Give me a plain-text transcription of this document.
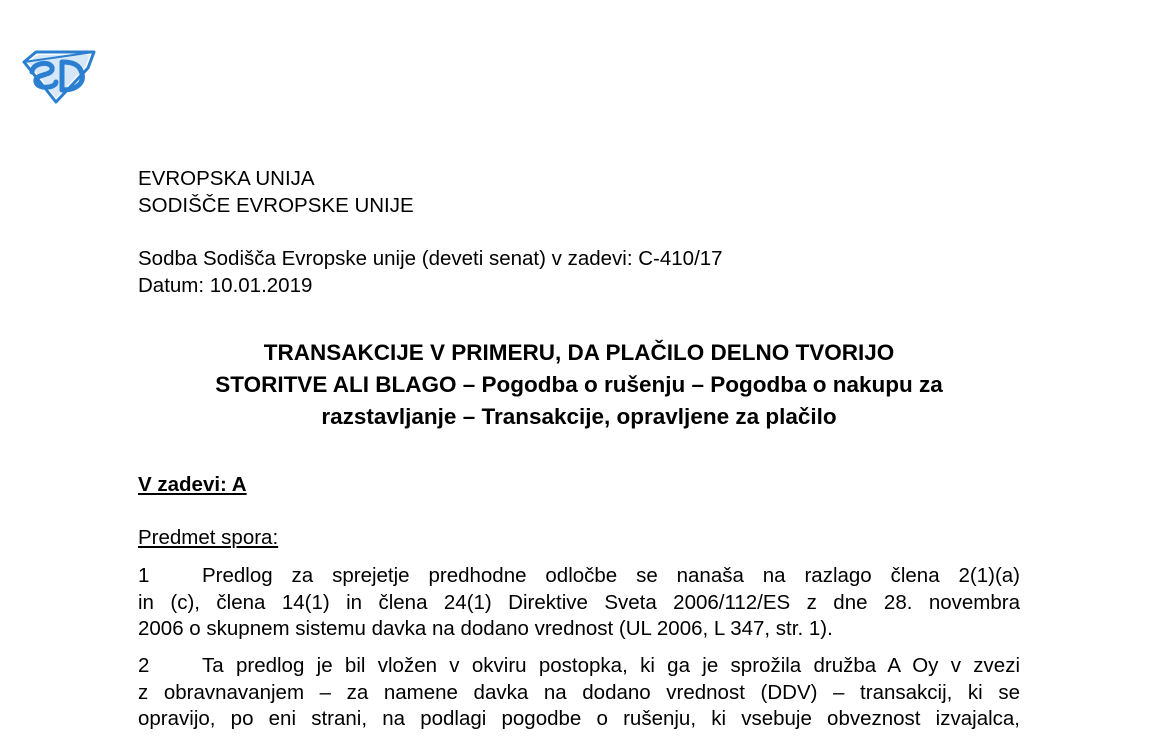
EVROPSKA UNIJA
SODIŠČE EVROPSKE UNIJE
Sodba Sodišča Evropske unije (deveti senat) v zadevi: C-410/17
Datum: 10.01.2019
TRANSAKCIJE V PRIMERU, DA PLAČILO DELNO TVORIJO
STORITVE ALI BLAGO – Pogodba o rušenju – Pogodba o nakupu za
razstavljanje – Transakcije, opravljene za plačilo
V zadevi: A
Predmet spora:
1	Predlog za sprejetje predhodne odločbe se nanaša na razlago člena 2(1)(a)
in (c), člena 14(1) in člena 24(1) Direktive Sveta 2006/112/ES z dne 28. novembra
2006 o skupnem sistemu davka na dodano vrednost (UL 2006, L 347, str. 1).
2	Ta predlog je bil vložen v okviru postopka, ki ga je sprožila družba A Oy v zvezi
z obravnavanjem – za namene davka na dodano vrednost (DDV) – transakcij, ki se
opravijo, po eni strani, na podlagi pogodbe o rušenju, ki vsebuje obveznost izvajalca,
